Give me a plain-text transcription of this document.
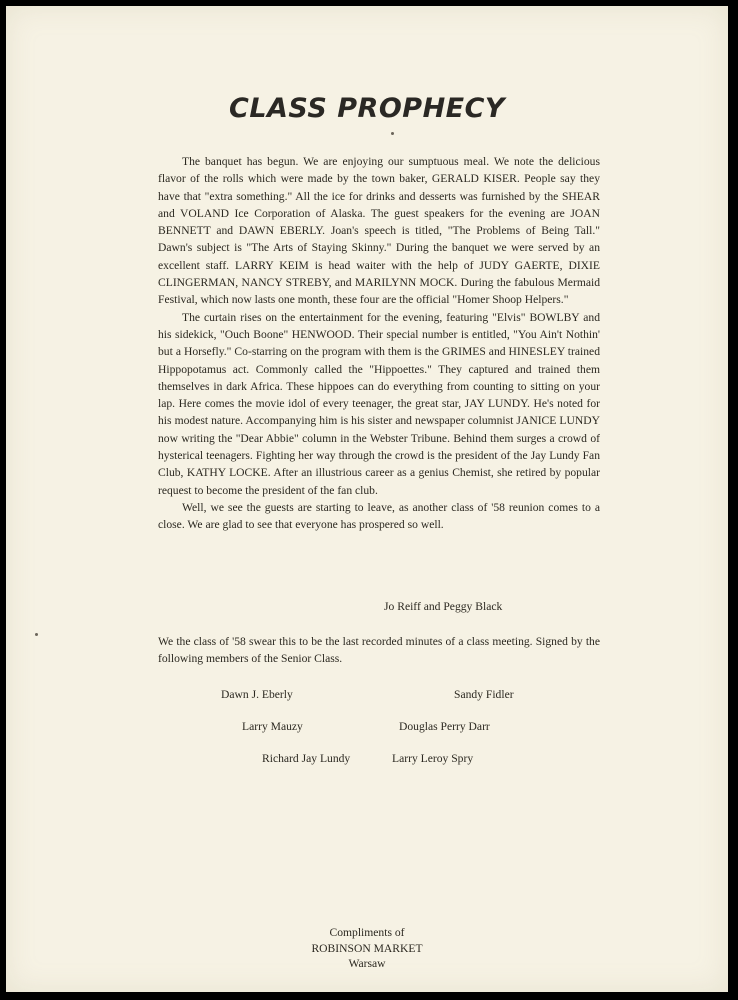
CLASS PROPHECY

The banquet has begun. We are enjoying our sumptuous meal. We note the delicious flavor of the rolls which were made by the town baker, GERALD KISER. People say they have that "extra something." All the ice for drinks and desserts was furnished by the SHEAR and VOLAND Ice Corporation of Alaska. The guest speakers for the evening are JOAN BENNETT and DAWN EBERLY. Joan's speech is titled, "The Problems of Being Tall." Dawn's subject is "The Arts of Staying Skinny." During the banquet we were served by an excellent staff. LARRY KEIM is head waiter with the help of JUDY GAERTE, DIXIE CLINGERMAN, NANCY STREBY, and MARILYNN MOCK. During the fabulous Mermaid Festival, which now lasts one month, these four are the official "Homer Shoop Helpers."

The curtain rises on the entertainment for the evening, featuring "Elvis" BOWLBY and his sidekick, "Ouch Boone" HENWOOD. Their special number is entitled, "You Ain't Nothin' but a Horsefly." Co-starring on the program with them is the GRIMES and HINESLEY trained Hippopotamus act. Commonly called the "Hippoettes." They captured and trained them themselves in dark Africa. These hippoes can do everything from counting to sitting on your lap. Here comes the movie idol of every teenager, the great star, JAY LUNDY. He's noted for his modest nature. Accompanying him is his sister and newspaper columnist JANICE LUNDY now writing the "Dear Abbie" column in the Webster Tribune. Behind them surges a crowd of hysterical teenagers. Fighting her way through the crowd is the president of the Jay Lundy Fan Club, KATHY LOCKE. After an illustrious career as a genius Chemist, she retired by popular request to become the president of the fan club.

Well, we see the guests are starting to leave, as another class of '58 reunion comes to a close. We are glad to see that everyone has prospered so well.

Jo Reiff and Peggy Black

We the class of '58 swear this to be the last recorded minutes of a class meeting. Signed by the following members of the Senior Class.

Dawn J. Eberly	Sandy Fidler
Larry Mauzy	Douglas Perry Darr
Richard Jay Lundy	Larry Leroy Spry
Compliments of
ROBINSON MARKET
Warsaw
